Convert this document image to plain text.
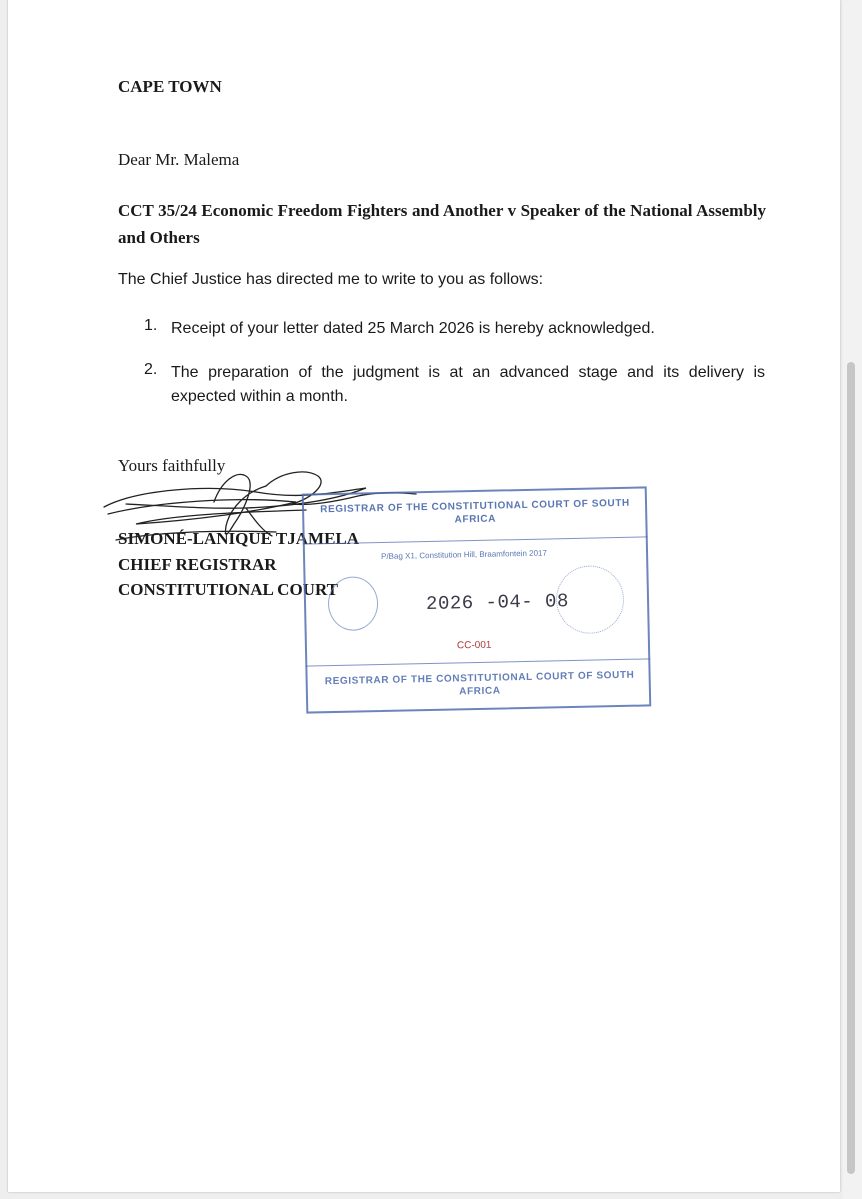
CAPE TOWN
Dear Mr. Malema
CCT 35/24 Economic Freedom Fighters and Another v Speaker of the National Assembly and Others
The Chief Justice has directed me to write to you as follows:
1. Receipt of your letter dated 25 March 2026 is hereby acknowledged.
2. The preparation of the judgment is at an advanced stage and its delivery is expected within a month.
Yours faithfully
SIMONÉ-LANIQUE TJAMELA
CHIEF REGISTRAR
CONSTITUTIONAL COURT
REGISTRAR OF THE CONSTITUTIONAL COURT OF SOUTH AFRICA
P/Bag X1, Constitution Hill, Braamfontein 2017
2026 -04- 08
CC-001
REGISTRAR OF THE CONSTITUTIONAL COURT OF SOUTH AFRICA
